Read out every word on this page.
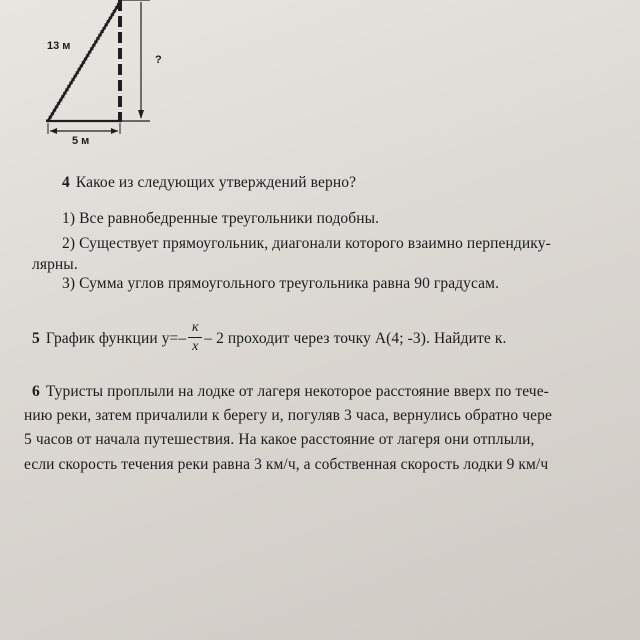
13 м
5 м
?
4 Какое из следующих утверждений верно?
1) Все равнобедренные треугольники подобны.
2) Существует прямоугольник, диагонали которого взаимно перпендику-
лярны.
3) Сумма углов прямоугольного треугольника равна 90 градусам.
5 График функции $y=- \frac{к}{x} - 2$ проходит через точку A(4; -3). Найдите к.
6 Туристы проплыли на лодке от лагеря некоторое расстояние вверх по тече-
нию реки, затем причалили к берегу и, погуляв 3 часа, вернулись обратно чере
5 часов от начала путешествия. На какое расстояние от лагеря они отплыли,
если скорость течения реки равна 3 км/ч, а собственная скорость лодки 9 км/ч
